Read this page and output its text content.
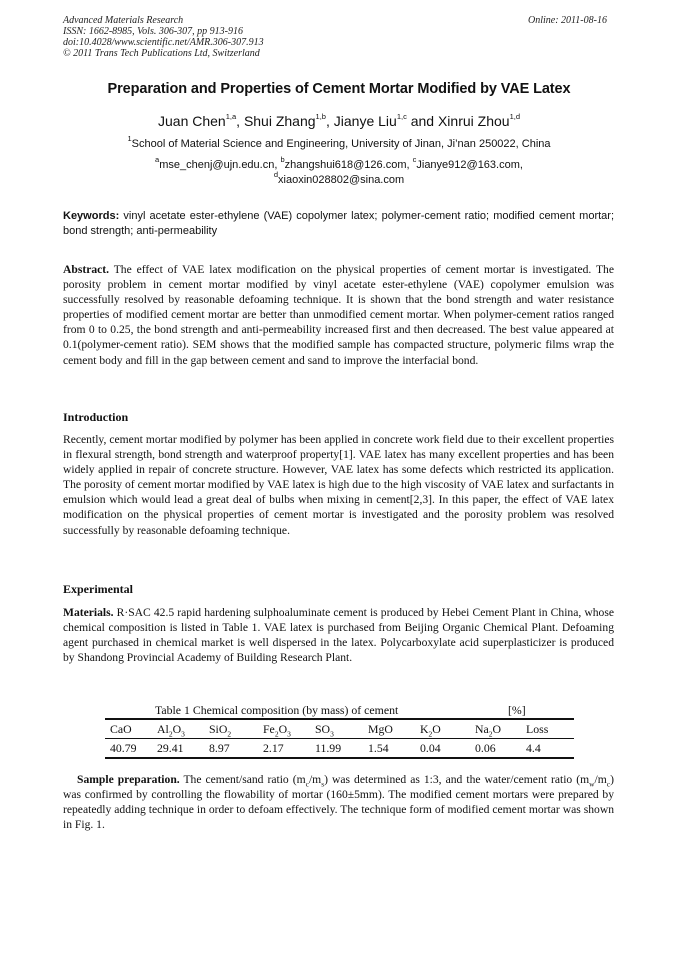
Advanced Materials Research
ISSN: 1662-8985, Vols. 306-307, pp 913-916
doi:10.4028/www.scientific.net/AMR.306-307.913
© 2011 Trans Tech Publications Ltd, Switzerland
Online: 2011-08-16
Preparation and Properties of Cement Mortar Modified by VAE Latex
Juan Chen$^{1,a}$, Shui Zhang$^{1,b}$, Jianye Liu$^{1,c}$ and Xinrui Zhou$^{1,d}$
$^1$School of Material Science and Engineering, University of Jinan, Ji’nan 250022, China
$^a$mse_chenj@ujn.edu.cn, $^b$zhangshui618@126.com, $^c$Jianye912@163.com,
$^d$xiaoxin028802@sina.com
Keywords: vinyl acetate ester-ethylene (VAE) copolymer latex; polymer-cement ratio; modified cement mortar; bond strength; anti-permeability
Abstract. The effect of VAE latex modification on the physical properties of cement mortar is investigated. The porosity problem in cement mortar modified by vinyl acetate ester-ethylene (VAE) copolymer emulsion was successfully resolved by reasonable defoaming technique. It is shown that the bond strength and water resistance properties of modified cement mortar are better than unmodified cement mortar. When polymer-cement ratios ranged from 0 to 0.25, the bond strength and anti-permeability increased first and then decreased. The best value appeared at 0.1(polymer-cement ratio). SEM shows that the modified sample has compacted structure, polymeric films wrap the cement body and fill in the gap between cement and sand to improve the interfacial bond.
Introduction
Recently, cement mortar modified by polymer has been applied in concrete work field due to their excellent properties in flexural strength, bond strength and waterproof property[1]. VAE latex has many excellent properties and has been widely applied in repair of concrete structure. However, VAE latex has some defects which restricted its application. The porosity of cement mortar modified by VAE latex is high due to the high viscosity of VAE latex and surfactants in emulsion which would lead a great deal of bulbs when mixing in cement[2,3]. In this paper, the effect of VAE latex modification on the physical properties of cement mortar is investigated and the porosity problem was resolved successfully by reasonable defoaming technique.
Experimental
Materials. R·SAC 42.5 rapid hardening sulphoaluminate cement is produced by Hebei Cement Plant in China, whose chemical composition is listed in Table 1. VAE latex is purchased from Beijing Organic Chemical Plant. Defoaming agent purchased in chemical market is well dispersed in the latex. Polycarboxylate acid superplasticizer is produced by Shandong Provincial Academy of Building Research Plant.
Table 1 Chemical composition (by mass) of cement	[%]
CaO $Al_2O_3$ SiO$_2$	$Fe_2O_3$ $SO_3$	MgO $K_2O$	$Na_2O$ Loss
40.79 29.41 8.97	2.17	11.99 1.54	0.04	0.06	4.4
Sample preparation. The cement/sand ratio $(m_c/m_s)$ was determined as 1:3, and the water/cement ratio $(m_w/m_c)$ was confirmed by controlling the flowability of mortar (160±5mm). The modified cement mortars were prepared by repeatedly adding technique in order to defoam effectively. The technique form of modified cement mortar was shown in Fig. 1.
